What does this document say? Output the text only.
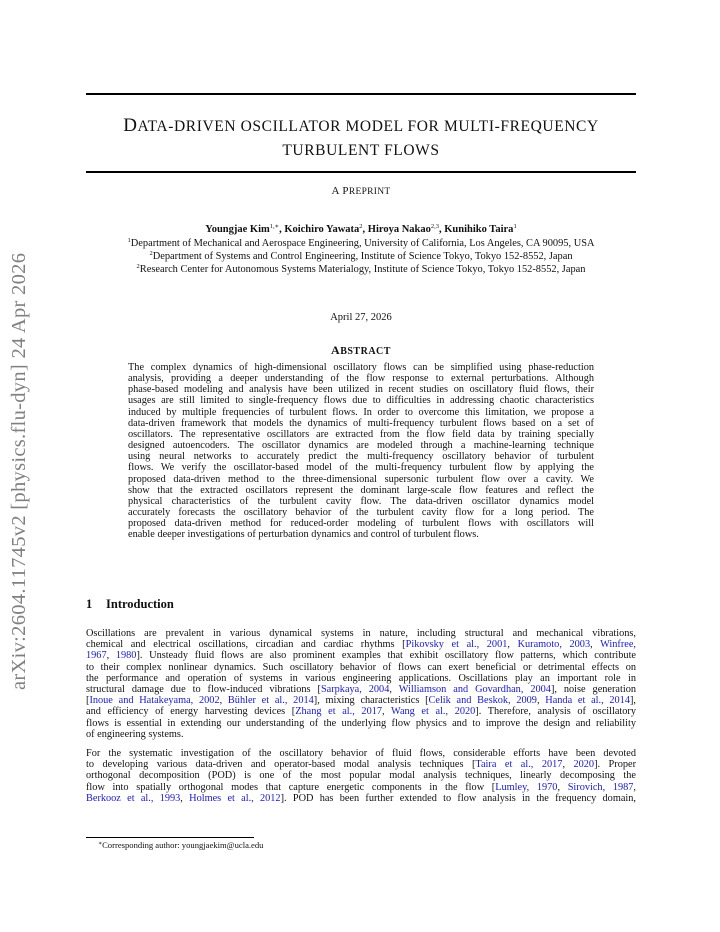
arXiv:2604.11745v2 [physics.flu-dyn] 24 Apr 2026
DATA-DRIVEN OSCILLATOR MODEL FOR MULTI-FREQUENCY
TURBULENT FLOWS
A PREPRINT
Youngjae Kim$^{1,∗}$, Koichiro Yawata$^2$, Hiroya Nakao$^{2,3}$, Kunihiko Taira$^1$
$^1$Department of Mechanical and Aerospace Engineering, University of California, Los Angeles, CA 90095, USA
$^2$Department of Systems and Control Engineering, Institute of Science Tokyo, Tokyo 152-8552, Japan
$^2$Research Center for Autonomous Systems Materialogy, Institute of Science Tokyo, Tokyo 152-8552, Japan
April 27, 2026
ABSTRACT
The complex dynamics of high-dimensional oscillatory flows can be simplified using phase-reduction
analysis, providing a deeper understanding of the flow response to external perturbations. Although
phase-based modeling and analysis have been utilized in recent studies on oscillatory fluid flows, their
usages are still limited to single-frequency flows due to difficulties in addressing chaotic characteristics
induced by multiple frequencies of turbulent flows. In order to overcome this limitation, we propose a
data-driven framework that models the dynamics of multi-frequency turbulent flows based on a set of
oscillators. The representative oscillators are extracted from the flow field data by training specially
designed autoencoders. The oscillator dynamics are modeled through a machine-learning technique
using neural networks to accurately predict the multi-frequency oscillatory behavior of turbulent
flows. We verify the oscillator-based model of the multi-frequency turbulent flow by applying the
proposed data-driven method to the three-dimensional supersonic turbulent flow over a cavity. We
show that the extracted oscillators represent the dominant large-scale flow features and reflect the
physical characteristics of the turbulent cavity flow. The data-driven oscillator dynamics model
accurately forecasts the oscillatory behavior of the turbulent cavity flow for a long period. The
proposed data-driven method for reduced-order modeling of turbulent flows with oscillators will
enable deeper investigations of perturbation dynamics and control of turbulent flows.
1 Introduction
Oscillations are prevalent in various dynamical systems in nature, including structural and mechanical vibrations,
chemical and electrical oscillations, circadian and cardiac rhythms [Pikovsky et al., 2001, Kuramoto, 2003, Winfree,
1967, 1980]. Unsteady fluid flows are also prominent examples that exhibit oscillatory flow patterns, which contribute
to their complex nonlinear dynamics. Such oscillatory behavior of flows can exert beneficial or detrimental effects on
the performance and operation of systems in various engineering applications. Oscillations play an important role in
structural damage due to flow-induced vibrations [Sarpkaya, 2004, Williamson and Govardhan, 2004], noise generation
[Inoue and Hatakeyama, 2002, Bühler et al., 2014], mixing characteristics [Celik and Beskok, 2009, Handa et al., 2014],
and efficiency of energy harvesting devices [Zhang et al., 2017, Wang et al., 2020]. Therefore, analysis of oscillatory
flows is essential in extending our understanding of the underlying flow physics and to improve the design and reliability
of engineering systems.
For the systematic investigation of the oscillatory behavior of fluid flows, considerable efforts have been devoted
to developing various data-driven and operator-based modal analysis techniques [Taira et al., 2017, 2020]. Proper
orthogonal decomposition (POD) is one of the most popular modal analysis techniques, linearly decomposing the
flow into spatially orthogonal modes that capture energetic components in the flow [Lumley, 1970, Sirovich, 1987,
Berkooz et al., 1993, Holmes et al., 2012]. POD has been further extended to flow analysis in the frequency domain,
∗Corresponding author: youngjaekim@ucla.edu
